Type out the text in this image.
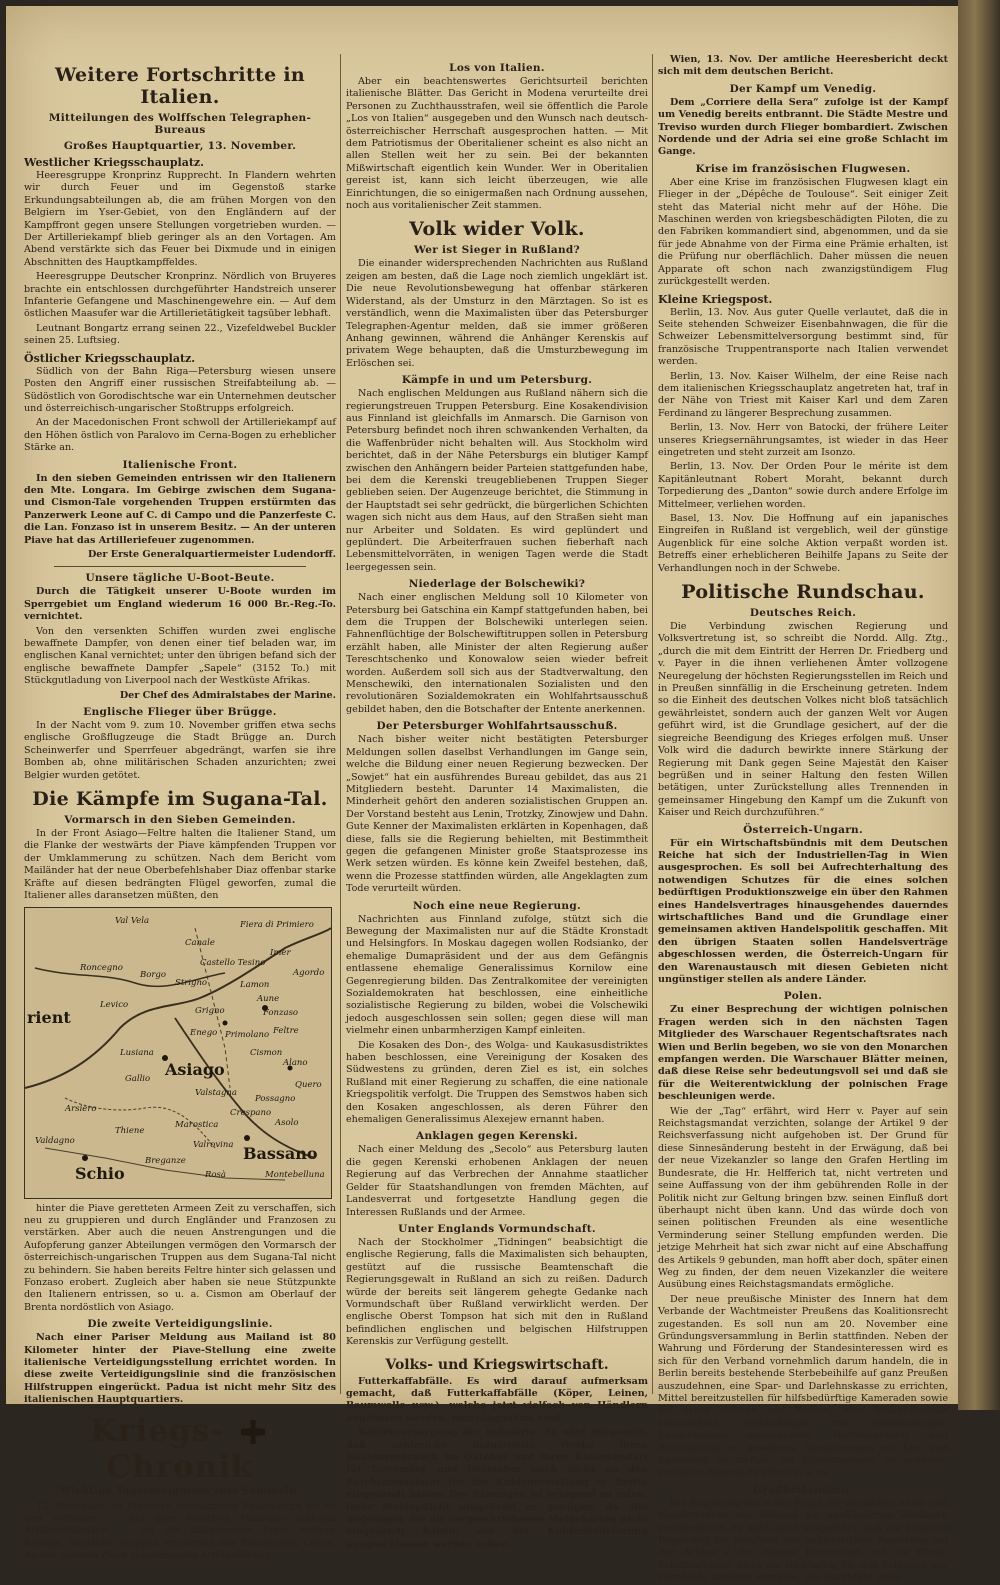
Weitere Fortschritte in Italien.
Mitteilungen des Wolffschen Telegraphen-Bureaus
Großes Hauptquartier, 13. November.
Westlicher Kriegsschauplatz.

Heeresgruppe Kronprinz Rupprecht. In Flandern wehrten wir durch Feuer und im Gegenstoß starke Erkundungsabteilungen ab, die am frühen Morgen von den Belgiern im Yser-Gebiet, von den Engländern auf der Kampffront gegen unsere Stellungen vorgetrieben wurden. — Der Artilleriekampf blieb geringer als an den Vortagen. Am Abend verstärkte sich das Feuer bei Dixmude und in einigen Abschnitten des Hauptkampffeldes.

Heeresgruppe Deutscher Kronprinz. Nördlich von Bruyeres brachte ein entschlossen durchgeführter Handstreich unserer Infanterie Gefangene und Maschinengewehre ein. — Auf dem östlichen Maasufer war die Artillerietätigkeit tagsüber lebhaft.

Leutnant Bongartz errang seinen 22., Vizefeldwebel Buckler seinen 25. Luftsieg.

Östlicher Kriegsschauplatz.

Südlich von der Bahn Riga—Petersburg wiesen unsere Posten den Angriff einer russischen Streifabteilung ab. — Südöstlich von Gorodischtsche war ein Unternehmen deutscher und österreichisch-ungarischer Stoßtrupps erfolgreich.

An der Macedonischen Front schwoll der Artilleriekampf auf den Höhen östlich von Paralovo im Cerna-Bogen zu erheblicher Stärke an.

Italienische Front.

In den sieben Gemeinden entrissen wir den Italienern den Mte. Longara. Im Gebirge zwischen dem Sugana- und Cismon-Tale vorgehenden Truppen erstürmten das Panzerwerk Leone auf C. di Campo und die Panzerfeste C. die Lan. Fonzaso ist in unserem Besitz. — An der unteren Piave hat das Artilleriefeuer zugenommen.

Der Erste Generalquartiermeister Ludendorff.

Unsere tägliche U-Boot-Beute.

Durch die Tätigkeit unserer U-Boote wurden im Sperrgebiet um England wiederum 16 000 Br.-Reg.-To. vernichtet.

Von den versenkten Schiffen wurden zwei englische bewaffnete Dampfer, von denen einer tief beladen war, im englischen Kanal vernichtet; unter den übrigen befand sich der englische bewaffnete Dampfer „Sapele“ (3152 To.) mit Stückgutladung von Liverpool nach der Westküste Afrikas.

Der Chef des Admiralstabes der Marine.

Englische Flieger über Brügge.

In der Nacht vom 9. zum 10. November griffen etwa sechs englische Großflugzeuge die Stadt Brügge an. Durch Scheinwerfer und Sperrfeuer abgedrängt, warfen sie ihre Bomben ab, ohne militärischen Schaden anzurichten; zwei Belgier wurden getötet.

Die Kämpfe im Sugana-Tal.
Vormarsch in den Sieben Gemeinden.

In der Front Asiago—Feltre halten die Italiener Stand, um die Flanke der westwärts der Piave kämpfenden Truppen vor der Umklammerung zu schützen. Nach dem Bericht vom Mailänder hat der neue Oberbefehlshaber Diaz offenbar starke Kräfte auf diesen bedrängten Flügel geworfen, zumal die Italiener alles daransetzen müßten, den

Val Vela	Fiera di Primiero
Canale
Roncegno
Borgo
Strigno
Castello Tesino
Imer
Lamon
Agordo
Aune
Fonzaso
Feltre
Levico
Grigno
Enego Primolano
Lusiana	Cismon
Alano
Quero
Asiago
Gallio
Valstagna
Possagno
Crespano
Asolo
Arsiero
Thiene
Marostica
Bassano
Montebelluna
Schio
Valdagno
Breganze
Valrovina
Rosà
rient

hinter die Piave geretteten Armeen Zeit zu verschaffen, sich neu zu gruppieren und durch Engländer und Franzosen zu verstärken. Aber auch die neuen Anstrengungen und die Aufopferung ganzer Abteilungen vermögen den Vormarsch der österreichisch-ungarischen Truppen aus dem Sugana-Tal nicht zu behindern. Sie haben bereits Feltre hinter sich gelassen und Fonzaso erobert. Zugleich aber haben sie neue Stützpunkte den Italienern entrissen, so u. a. Cismon am Oberlauf der Brenta nordöstlich von Asiago.

Die zweite Verteidigungslinie.

Nach einer Pariser Meldung aus Mailand ist 80 Kilometer hinter der Piave-Stellung eine zweite italienische Verteidigungsstellung errichtet worden. In diese zweite Verteidigungslinie sind die französischen Hilfstruppen eingerückt. Padua ist nicht mehr Sitz des italienischen Hauptquartiers.

Kriegs-  Chronik
Wichtige Tagesereignisse zum Sammeln.

13. November. In Flandern schwächerer Feuerkampf als an den Vortagen. — Auf dem östlichen Maasufer lebhafte Artillerietätigkeit. — An der italienischen Front weitere Erfolge. Deutsche Truppen erstürmen das Panzerwerk Leone. An der unteren Piave zunehmendes Artilleriefeuer.

Los von Italien.

Aber ein beachtenswertes Gerichtsurteil berichten italienische Blätter. Das Gericht in Modena verurteilte drei Personen zu Zuchthausstrafen, weil sie öffentlich die Parole „Los von Italien“ ausgegeben und den Wunsch nach deutsch-österreichischer Herrschaft ausgesprochen hatten. — Mit dem Patriotismus der Oberitaliener scheint es also nicht an allen Stellen weit her zu sein. Bei der bekannten Mißwirtschaft eigentlich kein Wunder. Wer in Oberitalien gereist ist, kann sich leicht überzeugen, wie alle Einrichtungen, die so einigermaßen nach Ordnung aussehen, noch aus voritalienischer Zeit stammen.

Volk wider Volk.
Wer ist Sieger in Rußland?

Die einander widersprechenden Nachrichten aus Rußland zeigen am besten, daß die Lage noch ziemlich ungeklärt ist. Die neue Revolutionsbewegung hat offenbar stärkeren Widerstand, als der Umsturz in den Märztagen. So ist es verständlich, wenn die Maximalisten über das Petersburger Telegraphen-Agentur melden, daß sie immer größeren Anhang gewinnen, während die Anhänger Kerenskis auf privatem Wege behaupten, daß die Umsturzbewegung im Erlöschen sei.

Kämpfe in und um Petersburg.

Nach englischen Meldungen aus Rußland nähern sich die regierungstreuen Truppen Petersburg. Eine Kosakendivision aus Finnland ist gleichfalls im Anmarsch. Die Garnison von Petersburg befindet noch ihren schwankenden Verhalten, da die Waffenbrüder nicht behalten will. Aus Stockholm wird berichtet, daß in der Nähe Petersburgs ein blutiger Kampf zwischen den Anhängern beider Parteien stattgefunden habe, bei dem die Kerenski treugebliebenen Truppen Sieger geblieben seien. Der Augenzeuge berichtet, die Stimmung in der Hauptstadt sei sehr gedrückt, die bürgerlichen Schichten wagen sich nicht aus dem Haus, auf den Straßen sieht man nur Arbeiter und Soldaten. Es wird geplündert und geplündert. Die Arbeiterfrauen suchen fieberhaft nach Lebensmittelvorräten, in wenigen Tagen werde die Stadt leergegessen sein.

Niederlage der Bolschewiki?

Nach einer englischen Meldung soll 10 Kilometer von Petersburg bei Gatschina ein Kampf stattgefunden haben, bei dem die Truppen der Bolschewiki unterlegen seien. Fahnenflüchtige der Bolschewiftitruppen sollen in Petersburg erzählt haben, alle Minister der alten Regierung außer Tereschtschenko und Konowalow seien wieder befreit worden. Außerdem soll sich aus der Stadtverwaltung, den Menschewiki, den internationalen Sozialisten und den revolutionären Sozialdemokraten ein Wohlfahrtsausschuß gebildet haben, den die Botschafter der Entente anerkennen.

Der Petersburger Wohlfahrtsausschuß.

Nach bisher weiter nicht bestätigten Petersburger Meldungen sollen daselbst Verhandlungen im Gange sein, welche die Bildung einer neuen Regierung bezwecken. Der „Sowjet“ hat ein ausführendes Bureau gebildet, das aus 21 Mitgliedern besteht. Darunter 14 Maximalisten, die Minderheit gehört den anderen sozialistischen Gruppen an. Der Vorstand besteht aus Lenin, Trotzky, Zinowjew und Dahn. Gute Kenner der Maximalisten erklärten in Kopenhagen, daß diese, falls sie die Regierung behielten, mit Bestimmtheit gegen die gefangenen Minister große Staatsprozesse ins Werk setzen würden. Es könne kein Zweifel bestehen, daß, wenn die Prozesse stattfinden würden, alle Angeklagten zum Tode verurteilt würden.

Noch eine neue Regierung.

Nachrichten aus Finnland zufolge, stützt sich die Bewegung der Maximalisten nur auf die Städte Kronstadt und Helsingfors. In Moskau dagegen wollen Rodsianko, der ehemalige Dumapräsident und der aus dem Gefängnis entlassene ehemalige Generalissimus Kornilow eine Gegenregierung bilden. Das Zentralkomitee der vereinigten Sozialdemokraten hat beschlossen, eine einheitliche sozialistische Regierung zu bilden, wobei die Volschewiki jedoch ausgeschlossen sein sollen; gegen diese will man vielmehr einen unbarmherzigen Kampf einleiten.

Die Kosaken des Don-, des Wolga- und Kaukasusdistriktes haben beschlossen, eine Vereinigung der Kosaken des Südwestens zu gründen, deren Ziel es ist, ein solches Rußland mit einer Regierung zu schaffen, die eine nationale Kriegspolitik verfolgt. Die Truppen des Semstwos haben sich den Kosaken angeschlossen, als deren Führer den ehemaligen Generalissimus Alexejew ernannt haben.

Anklagen gegen Kerenski.

Nach einer Meldung des „Secolo“ aus Petersburg lauten die gegen Kerenski erhobenen Anklagen der neuen Regierung auf das Verbrechen der Annahme staatlicher Gelder für Staatshandlungen von fremden Mächten, auf Landesverrat und fortgesetzte Handlung gegen die Interessen Rußlands und der Armee.

Unter Englands Vormundschaft.

Nach der Stockholmer „Tidningen“ beabsichtigt die englische Regierung, falls die Maximalisten sich behaupten, gestützt auf die russische Beamtenschaft die Regierungsgewalt in Rußland an sich zu reißen. Dadurch würde der bereits seit längerem gehegte Gedanke nach Vormundschaft über Rußland verwirklicht werden. Der englische Oberst Tompson hat sich mit den in Rußland befindlichen englischen und belgischen Hilfstruppen Kerenskis zur Verfügung gestellt.

Volks- und Kriegswirtschaft.

Futterkaffabfälle. Es wird darauf aufmerksam gemacht, daß Futterkaffabfälle (Köper, Leinen, Baumwolle usw.), welche jetzt vielfach von Händlern angeboten werden, beschlagnahmt sind.

Kohlenversorgung der Industrie. Es wird mitgeteilt, daß zahlreiche industrielle Werke ihren Kohlenverbrauch im Oktober und ihren Kohlenbedarf für November und Dezember noch nicht an den Reichskommissar für die Kohlenverteilung in Berlin eingesandt haben. Der Säumigen ist bringend zu raten, ihrer Meldepflicht umgehend zu genügen, da alle diejenigen, die die vorgeschriebenen Meldekarten nicht eingesandt haben, von der Kohlenbelieferung ausgeschlossen werden sollen.

Wien, 13. Nov. Der amtliche Heeresbericht deckt sich mit dem deutschen Bericht.

Der Kampf um Venedig.

Dem „Corriere della Sera“ zufolge ist der Kampf um Venedig bereits entbrannt. Die Städte Mestre und Treviso wurden durch Flieger bombardiert. Zwischen Nordende und der Adria sei eine große Schlacht im Gange.

Krise im französischen Flugwesen.

Aber eine Krise im französischen Flugwesen klagt ein Flieger in der „Dépêche de Toulouse“. Seit einiger Zeit steht das Material nicht mehr auf der Höhe. Die Maschinen werden von kriegsbeschädigten Piloten, die zu den Fabriken kommandiert sind, abgenommen, und da sie für jede Abnahme von der Firma eine Prämie erhalten, ist die Prüfung nur oberflächlich. Daher müssen die neuen Apparate oft schon nach zwanzigstündigem Flug zurückgestellt werden.

Kleine Kriegspost.

Berlin, 13. Nov. Aus guter Quelle verlautet, daß die in Seite stehenden Schweizer Eisenbahnwagen, die für die Schweizer Lebensmittelversorgung bestimmt sind, für französische Truppentransporte nach Italien verwendet werden.

Berlin, 13. Nov. Kaiser Wilhelm, der eine Reise nach dem italienischen Kriegsschauplatz angetreten hat, traf in der Nähe von Triest mit Kaiser Karl und dem Zaren Ferdinand zu längerer Besprechung zusammen.

Berlin, 13. Nov. Herr von Batocki, der frühere Leiter unseres Kriegsernährungsamtes, ist wieder in das Heer eingetreten und steht zurzeit am Isonzo.

Berlin, 13. Nov. Der Orden Pour le mérite ist dem Kapitänleutnant Robert Moraht, bekannt durch Torpedierung des „Danton“ sowie durch andere Erfolge im Mittelmeer, verliehen worden.

Basel, 13. Nov. Die Hoffnung auf ein japanisches Eingreifen in Rußland ist vergeblich, weil der günstige Augenblick für eine solche Aktion verpaßt worden ist. Betreffs einer erheblicheren Beihilfe Japans zu Seite der Verhandlungen noch in der Schwebe.

Politische Rundschau.
Deutsches Reich.

Die Verbindung zwischen Regierung und Volksvertretung ist, so schreibt die Nordd. Allg. Ztg., „durch die mit dem Eintritt der Herren Dr. Friedberg und v. Payer in die ihnen verliehenen Ämter vollzogene Neuregelung der höchsten Regierungsstellen im Reich und in Preußen sinnfällig in die Erscheinung getreten. Indem so die Einheit des deutschen Volkes nicht bloß tatsächlich gewährleistet, sondern auch der ganzen Welt vor Augen geführt wird, ist die Grundlage gesichert, auf der die siegreiche Beendigung des Krieges erfolgen muß. Unser Volk wird die dadurch bewirkte innere Stärkung der Regierung mit Dank gegen Seine Majestät den Kaiser begrüßen und in seiner Haltung den festen Willen betätigen, unter Zurückstellung alles Trennenden in gemeinsamer Hingebung den Kampf um die Zukunft von Kaiser und Reich durchzuführen.“

Österreich-Ungarn.

Für ein Wirtschaftsbündnis mit dem Deutschen Reiche hat sich der Industriellen-Tag in Wien ausgesprochen. Es soll bei Aufrechterhaltung des notwendigen Schutzes für die eines solchen bedürftigen Produktionszweige ein über den Rahmen eines Handelsvertrages hinausgehendes dauerndes wirtschaftliches Band und die Grundlage einer gemeinsamen aktiven Handelspolitik geschaffen. Mit den übrigen Staaten sollen Handelsverträge abgeschlossen werden, die Österreich-Ungarn für den Warenaustausch mit diesen Gebieten nicht ungünstiger stellen als andere Länder.

Polen.

Zu einer Besprechung der wichtigen polnischen Fragen werden sich in den nächsten Tagen Mitglieder des Warschauer Regentschaftsrates nach Wien und Berlin begeben, wo sie von den Monarchen empfangen werden. Die Warschauer Blätter meinen, daß diese Reise sehr bedeutungsvoll sei und daß sie für die Weiterentwicklung der polnischen Frage beschleunigen werde.

Wie der „Tag“ erfährt, wird Herr v. Payer auf sein Reichstagsmandat verzichten, solange der Artikel 9 der Reichsverfassung nicht aufgehoben ist. Der Grund für diese Sinnesänderung besteht in der Erwägung, daß bei der neue Vizekanzler so lange den Grafen Hertling im Bundesrate, die Hr. Helfferich tat, nicht vertreten und seine Auffassung von der ihm gebührenden Rolle in der Politik nicht zur Geltung bringen bzw. seinen Einfluß dort überhaupt nicht üben kann. Und das würde doch von seinen politischen Freunden als eine wesentliche Verminderung seiner Stellung empfunden werden. Die jetzige Mehrheit hat sich zwar nicht auf eine Abschaffung des Artikels 9 gebunden, man hofft aber doch, später einen Weg zu finden, der dem neuen Vizekanzler die weitere Ausübung eines Reichstagsmandats ermögliche.

Der neue preußische Minister des Innern hat dem Verbande der Wachtmeister Preußens das Koalitionsrecht zugestanden. Es soll nun am 20. November eine Gründungsversammlung in Berlin stattfinden. Neben der Wahrung und Förderung der Standesinteressen wird es sich für den Verband vornehmlich darum handeln, die in Berlin bereits bestehende Sterbebeihilfe auf ganz Preußen auszudehnen, eine Spar- und Darlehnskasse zu errichten, Mittel bereitzustellen für hilfsbedürftige Kameraden sowie für deren Witwen und Waisen, eine Auskunftsstelle einzurichten, Verbindungen mit gemeinnützigen Einrichtungen anzuknüpfen, Rechtsauskunft und Rechtsschutz zu gewähren, Abmachungen mit Kur- und Badeorten zu treffen, ein Erholungsheim zu gründen, verdiente Beamte zu ehren u. a. m.

Großbritannien.

Die Regierung hat in der Frage der deutschen Sand- und Kiesdurchfuhr von Holland ein ausführliches Weißbuch veröffentlicht. Es wird darin ausgeführt, daß die britische Regierung die Berufung der holländischen Regierung auf den Artikel 2 der Haager Konvention und die Rhein-Schiffahrt-Akte nicht als stichhaltig für das Erlauben der Durchfuhr ansehen vermöge. Die Durchfuhr gebe
